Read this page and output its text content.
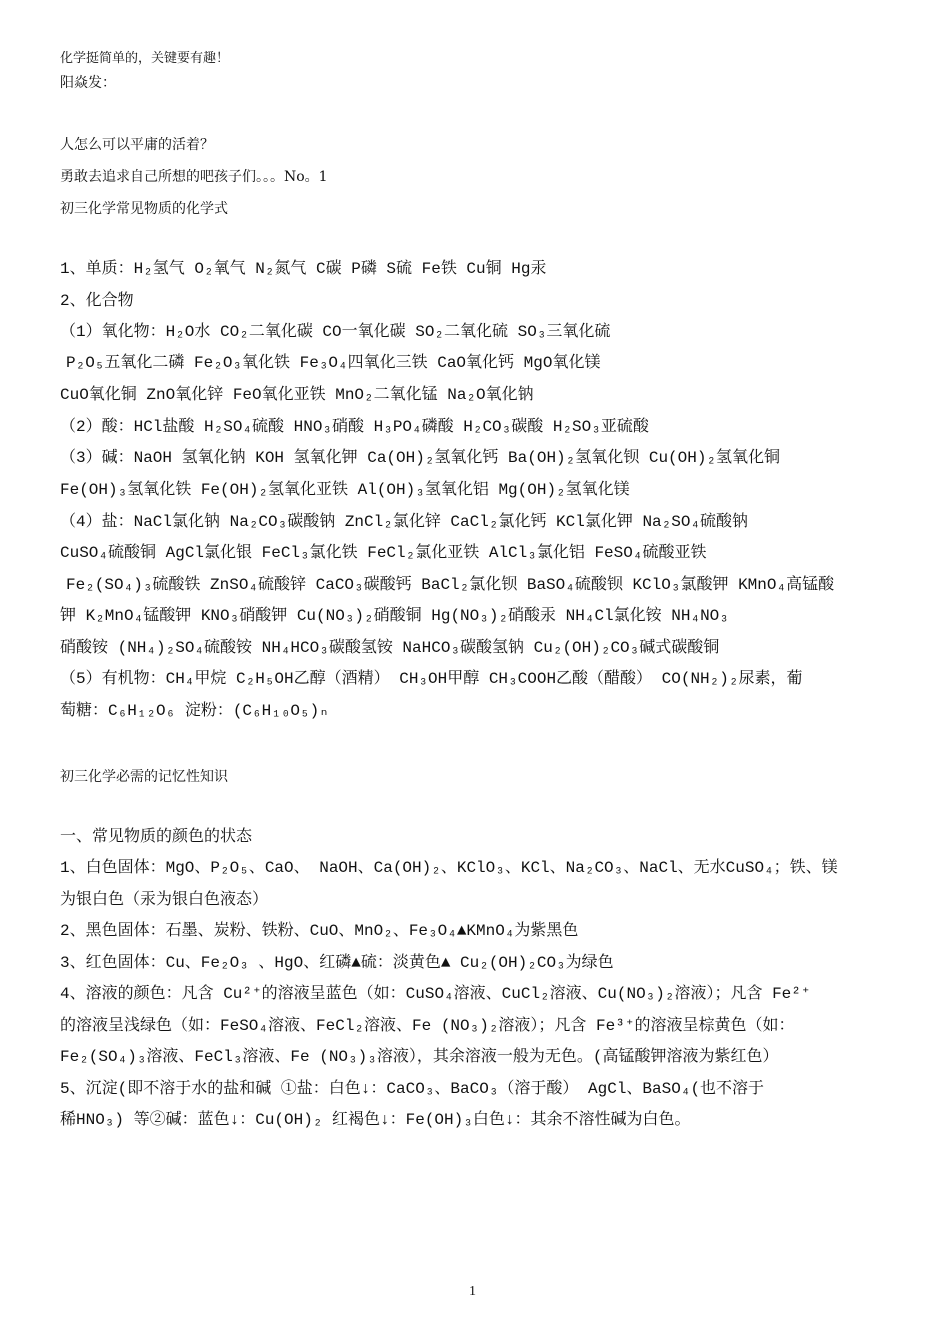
化学挺简单的，关键要有趣！
阳焱发：
人怎么可以平庸的活着？
勇敢去追求自己所想的吧孩子们。。。No。1
初三化学常见物质的化学式
1、单质：H₂氢气 O₂氧气 N₂氮气 C碳 P磷 S硫 Fe铁 Cu铜 Hg汞
2、化合物
（1）氧化物：H₂O水 CO₂二氧化碳 CO一氧化碳 SO₂二氧化硫 SO₃三氧化硫
P₂O₅五氧化二磷 Fe₂O₃氧化铁 Fe₃O₄四氧化三铁 CaO氧化钙 MgO氧化镁
CuO氧化铜 ZnO氧化锌 FeO氧化亚铁 MnO₂二氧化锰 Na₂O氧化钠
（2）酸：HCl盐酸 H₂SO₄硫酸 HNO₃硝酸 H₃PO₄磷酸 H₂CO₃碳酸 H₂SO₃亚硫酸
（3）碱：NaOH 氢氧化钠 KOH 氢氧化钾 Ca(OH)₂氢氧化钙 Ba(OH)₂氢氧化钡 Cu(OH)₂氢氧化铜
Fe(OH)₃氢氧化铁 Fe(OH)₂氢氧化亚铁 Al(OH)₃氢氧化铝 Mg(OH)₂氢氧化镁
（4）盐：NaCl氯化钠 Na₂CO₃碳酸钠 ZnCl₂氯化锌 CaCl₂氯化钙 KCl氯化钾 Na₂SO₄硫酸钠
CuSO₄硫酸铜 AgCl氯化银 FeCl₃氯化铁 FeCl₂氯化亚铁 AlCl₃氯化铝 FeSO₄硫酸亚铁
Fe₂(SO₄)₃硫酸铁 ZnSO₄硫酸锌 CaCO₃碳酸钙 BaCl₂氯化钡 BaSO₄硫酸钡 KClO₃氯酸钾 KMnO₄高锰酸
钾 K₂MnO₄锰酸钾 KNO₃硝酸钾 Cu(NO₃)₂硝酸铜 Hg(NO₃)₂硝酸汞 NH₄Cl氯化铵 NH₄NO₃
硝酸铵 (NH₄)₂SO₄硫酸铵 NH₄HCO₃碳酸氢铵 NaHCO₃碳酸氢钠 Cu₂(OH)₂CO₃碱式碳酸铜
（5）有机物：CH₄甲烷 C₂H₅OH乙醇（酒精） CH₃OH甲醇 CH₃COOH乙酸（醋酸） CO(NH₂)₂尿素，葡
萄糖：C₆H₁₂O₆ 淀粉：(C₆H₁₀O₅)ₙ
初三化学必需的记忆性知识
一、常见物质的颜色的状态
1、白色固体：MgO、P₂O₅、CaO、 NaOH、Ca(OH)₂、KClO₃、KCl、Na₂CO₃、NaCl、无水CuSO₄；铁、镁
为银白色（汞为银白色液态）
2、黑色固体：石墨、炭粉、铁粉、CuO、MnO₂、Fe₃O₄▲KMnO₄为紫黑色
3、红色固体：Cu、Fe₂O₃ 、HgO、红磷▲硫：淡黄色▲ Cu₂(OH)₂CO₃为绿色
4、溶液的颜色：凡含 Cu²⁺的溶液呈蓝色（如：CuSO₄溶液、CuCl₂溶液、Cu(NO₃)₂溶液）；凡含 Fe²⁺
的溶液呈浅绿色（如：FeSO₄溶液、FeCl₂溶液、Fe (NO₃)₂溶液）；凡含 Fe³⁺的溶液呈棕黄色（如：
Fe₂(SO₄)₃溶液、FeCl₃溶液、Fe (NO₃)₃溶液），其余溶液一般为无色。(高锰酸钾溶液为紫红色）
5、沉淀(即不溶于水的盐和碱 ①盐：白色↓：CaCO₃、BaCO₃（溶于酸） AgCl、BaSO₄(也不溶于
稀HNO₃) 等②碱：蓝色↓：Cu(OH)₂ 红褐色↓：Fe(OH)₃白色↓：其余不溶性碱为白色。
1
